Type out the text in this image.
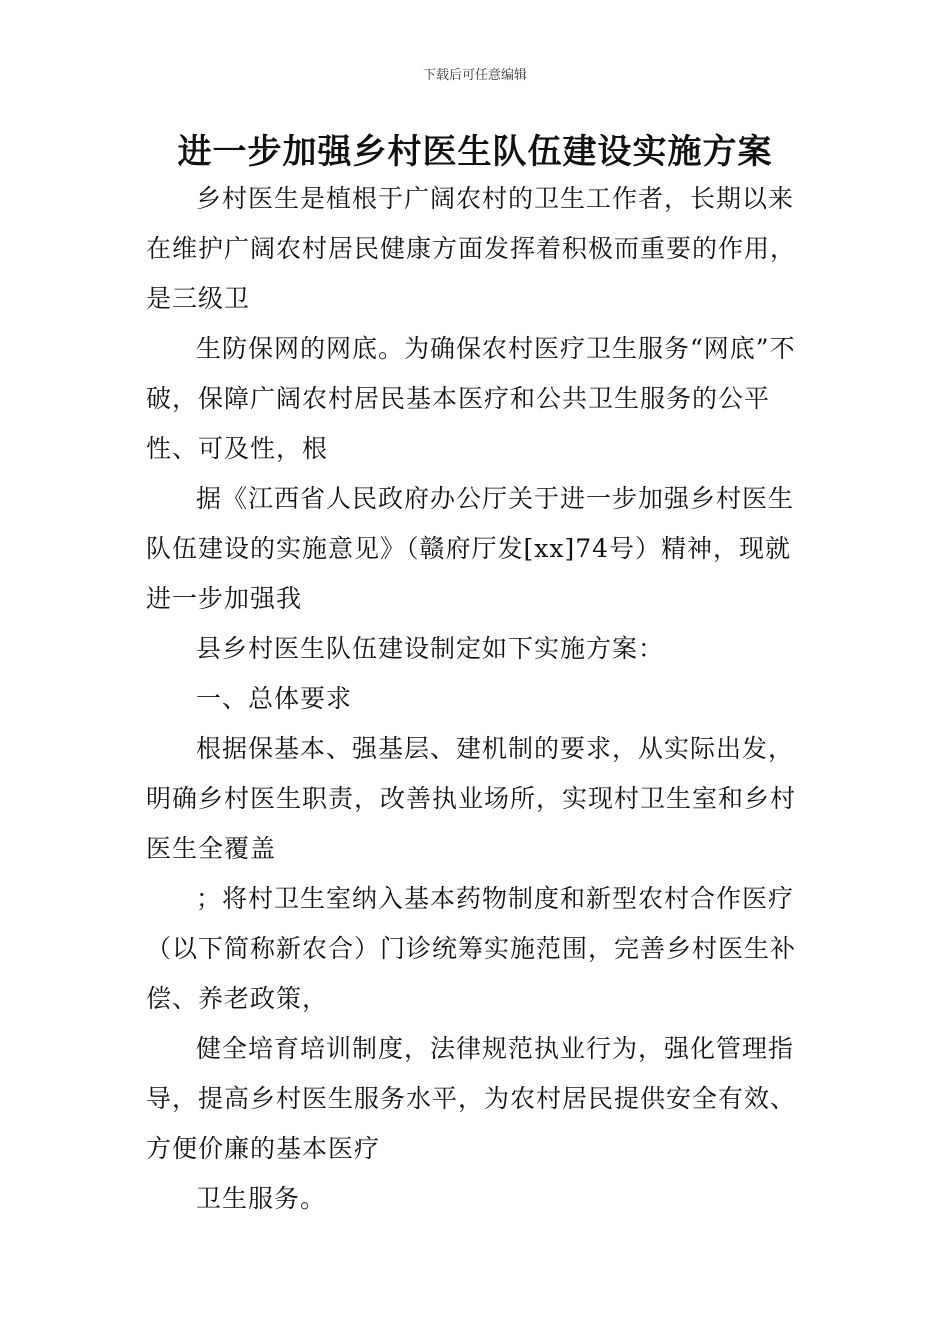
下载后可任意编辑
进一步加强乡村医生队伍建设实施方案

乡村医生是植根于广阔农村的卫生工作者，长期以来在维护广阔农村居民健康方面发挥着积极而重要的作用，是三级卫

生防保网的网底。为确保农村医疗卫生服务“网底”不破，保障广阔农村居民基本医疗和公共卫生服务的公平性、可及性，根

据《江西省人民政府办公厅关于进一步加强乡村医生队伍建设的实施意见》（赣府厅发[xx]74号）精神，现就进一步加强我

县乡村医生队伍建设制定如下实施方案：

一、总体要求

根据保基本、强基层、建机制的要求，从实际出发，明确乡村医生职责，改善执业场所，实现村卫生室和乡村医生全覆盖

；将村卫生室纳入基本药物制度和新型农村合作医疗（以下简称新农合）门诊统筹实施范围，完善乡村医生补偿、养老政策，

健全培育培训制度，法律规范执业行为，强化管理指导，提高乡村医生服务水平，为农村居民提供安全有效、方便价廉的基本医疗

卫生服务。
